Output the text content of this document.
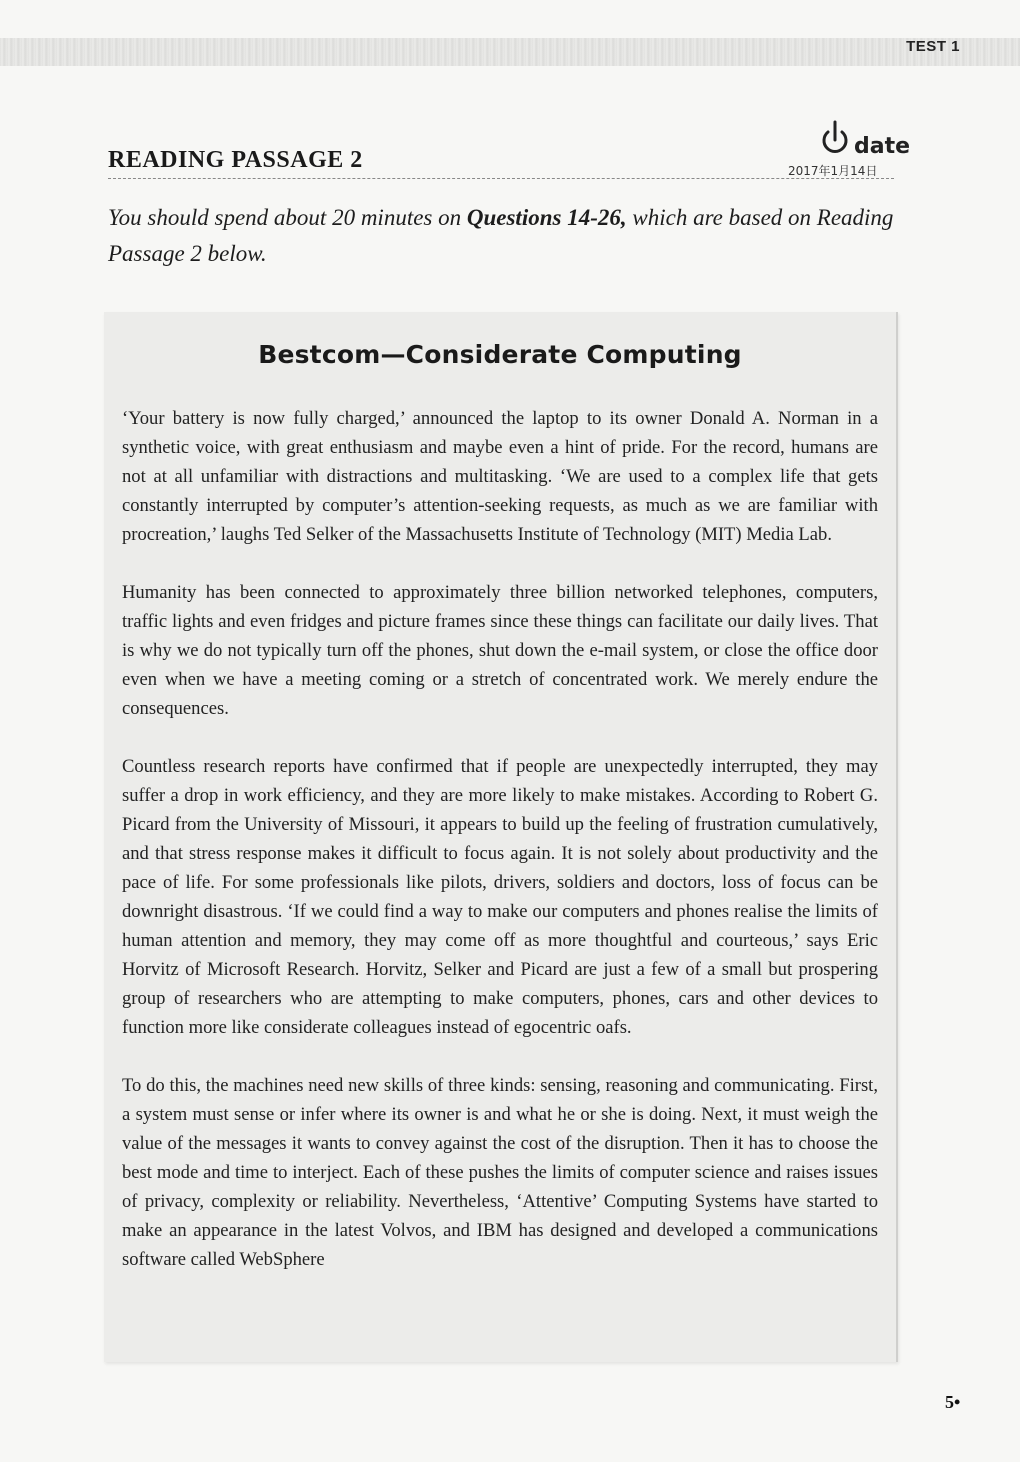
TEST 1
READING PASSAGE 2
date
2017年1月14日
You should spend about 20 minutes on Questions 14-26, which are based on Reading Passage 2 below.
Bestcom—Considerate Computing

‘Your battery is now fully charged,’ announced the laptop to its owner Donald A. Norman in a synthetic voice, with great enthusiasm and maybe even a hint of pride. For the record, humans are not at all unfamiliar with distractions and multitasking. ‘We are used to a complex life that gets constantly interrupted by computer’s attention-seeking requests, as much as we are familiar with procreation,’ laughs Ted Selker of the Massachusetts Institute of Technology (MIT) Media Lab.

Humanity has been connected to approximately three billion networked telephones, computers, traffic lights and even fridges and picture frames since these things can facilitate our daily lives. That is why we do not typically turn off the phones, shut down the e-mail system, or close the office door even when we have a meeting coming or a stretch of concentrated work. We merely endure the consequences.

Countless research reports have confirmed that if people are unexpectedly interrupted, they may suffer a drop in work efficiency, and they are more likely to make mistakes. According to Robert G. Picard from the University of Missouri, it appears to build up the feeling of frustration cumulatively, and that stress response makes it difficult to focus again. It is not solely about productivity and the pace of life. For some professionals like pilots, drivers, soldiers and doctors, loss of focus can be downright disastrous. ‘If we could find a way to make our computers and phones realise the limits of human attention and memory, they may come off as more thoughtful and courteous,’ says Eric Horvitz of Microsoft Research. Horvitz, Selker and Picard are just a few of a small but prospering group of researchers who are attempting to make computers, phones, cars and other devices to function more like considerate colleagues instead of egocentric oafs.

To do this, the machines need new skills of three kinds: sensing, reasoning and communicating. First, a system must sense or infer where its owner is and what he or she is doing. Next, it must weigh the value of the messages it wants to convey against the cost of the disruption. Then it has to choose the best mode and time to interject. Each of these pushes the limits of computer science and raises issues of privacy, complexity or reliability. Nevertheless, ‘Attentive’ Computing Systems have started to make an appearance in the latest Volvos, and IBM has designed and developed a communications software called WebSphere

5•
